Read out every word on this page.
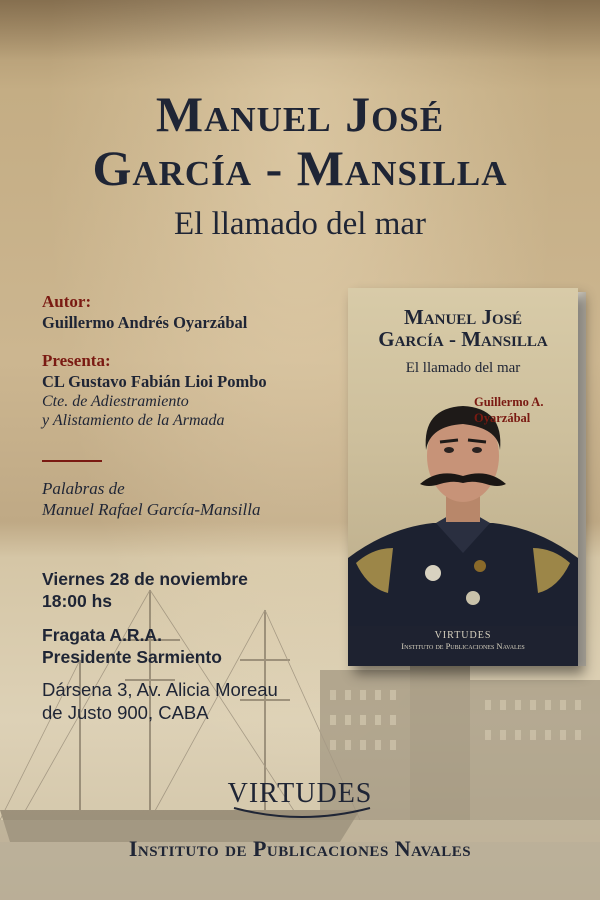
Manuel José
García - Mansilla
El llamado del mar
Autor:
Guillermo Andrés Oyarzábal
Presenta:
CL Gustavo Fabián Lioi Pombo
Cte. de Adiestramiento
y Alistamiento de la Armada
Palabras de
Manuel Rafael García-Mansilla
Viernes 28 de noviembre
18:00 hs
Fragata A.R.A.
Presidente Sarmiento
Dársena 3, Av. Alicia Moreau
de Justo 900, CABA
Manuel José
García - Mansilla
El llamado del mar
Guillermo A.
Oyarzábal
VIRTUDES
Instituto de Publicaciones Navales
VIRTUDES
Instituto de Publicaciones Navales
